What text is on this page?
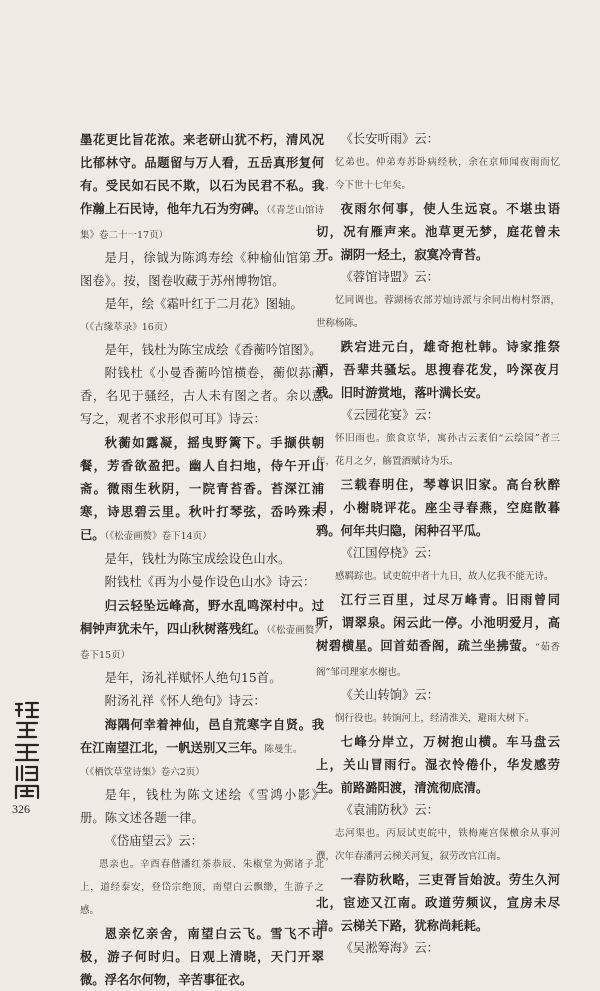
墨花更比旨花浓。来老研山犹不朽，清风况比郁林守。品题留与万人看，五岳真形复何有。受民如石民不欺，以石为民君不私。我作瀚上石民诗，他年九石为穷碑。（《青芝山馆诗集》卷二十一17页）

是月，徐钺为陈鸿寿绘《种榆仙馆第二图卷》。按，图卷收藏于苏州博物馆。

是年，绘《霜叶红于二月花》图轴。

（《古缘萃录》16页）

是年，钱杜为陈宝成绘《香蘅吟馆图》。

附钱杜《小曼香蘅吟馆横卷，蘅似荪而香，名见于骚经，古人未有图之者。余以意写之，观者不求形似可耳》诗云：

秋蘅如露凝，摇曳野篱下。手撷供朝餐，芳香欲盈把。幽人自扫地，侍午开山斋。微雨生秋阴，一院青苔香。苔深江浦寒，诗思碧云里。秋叶打琴弦，岙吟殊未已。（《松壶画赘》卷下14页）

是年，钱杜为陈宝成绘设色山水。

附钱杜《再为小曼作设色山水》诗云：

归云轻坠远峰高，野水乱鸣深村中。过桐钟声犹未午，四山秋树落残红。（《松壶画赘》卷下15页）

是年，汤礼祥赋怀人绝句15首。

附汤礼祥《怀人绝句》诗云：

海隅何幸着神仙，邑自荒寒字自贤。我在江南望江北，一帆送别又三年。陈曼生。

（《栖饮草堂诗集》卷六2页）

是年，钱杜为陈文述绘《雪鸿小影》册。陈文述各题一律。

《岱庙望云》云：

恩亲也。辛酉春偕潘红茶恭辰、朱椒堂为弼诸子北上，道经泰安，登岱宗绝顶，南望白云飘缈，生游子之感。

恩亲忆亲舍，南望白云飞。雪飞不可极，游子何时归。日观上清晓，天门开翠微。浮名尔何物，辛苦事征衣。

《长安听雨》云：

忆弟也。仲弟寿苏卧病经秋，余在京师闻夜雨而忆之，今下世十七年矣。

夜雨尔何事，使人生远哀。不堪虫语切，况有雁声来。池草更无梦，庭花曾未开。湖阴一烃土，寂寞冷青苔。

《蓉馆诗盟》云：

忆同调也。蓉湖杨农部芳灿诗派与余同出梅村祭酒，世称杨陈。

跌宕进元白，雄奇抱杜韩。诗家推祭酒，吾辈共骚坛。思搜春花发，吟深夜月残。旧时游赏地，落叶满长安。

《云园花宴》云：

怀旧雨也。旅食京华，寓孙古云袤伯“云绘园”者三年，花月之夕，觞置酒赋诗为乐。

三载春明住，琴尊识旧家。高台秋醉月，小榭晓评花。座尘寻春燕，空庭散暮鸦。何年共归隐，闲种召平瓜。

《江国停桡》云：

感羁踪也。试吏皖中者十九日，故人亿我不能无诗。

江行三百里，过尽万峰青。旧雨曾同听，谓翠泉。闲云此一停。小池明爱月，高树碧横星。回首茹香阁，疏兰坐拂萤。“茹香阁”邹司理家水榭也。

《关山转饷》云：

悯行役也。转饷河上，经清淮关，避雨大树下。

七峰分岸立，万树抱山横。车马盘云上，关山冒雨行。湿衣怜倦仆，华发感劳生。前路潞阳渡，清流彻底清。

《袁浦防秋》云：

志河渠也。丙辰试吏皖中，铁梅庵宫保檄余从事河濮，次年春潘河云梯关河复，叙劳改官江南。

一春防秋略，三吏胥旨始波。劳生久河北，宦迹又江南。政道劳频议，宣房未尽谙。云梯关下路，犹称尚耗耗。

《吴淞筹海》云：

326
